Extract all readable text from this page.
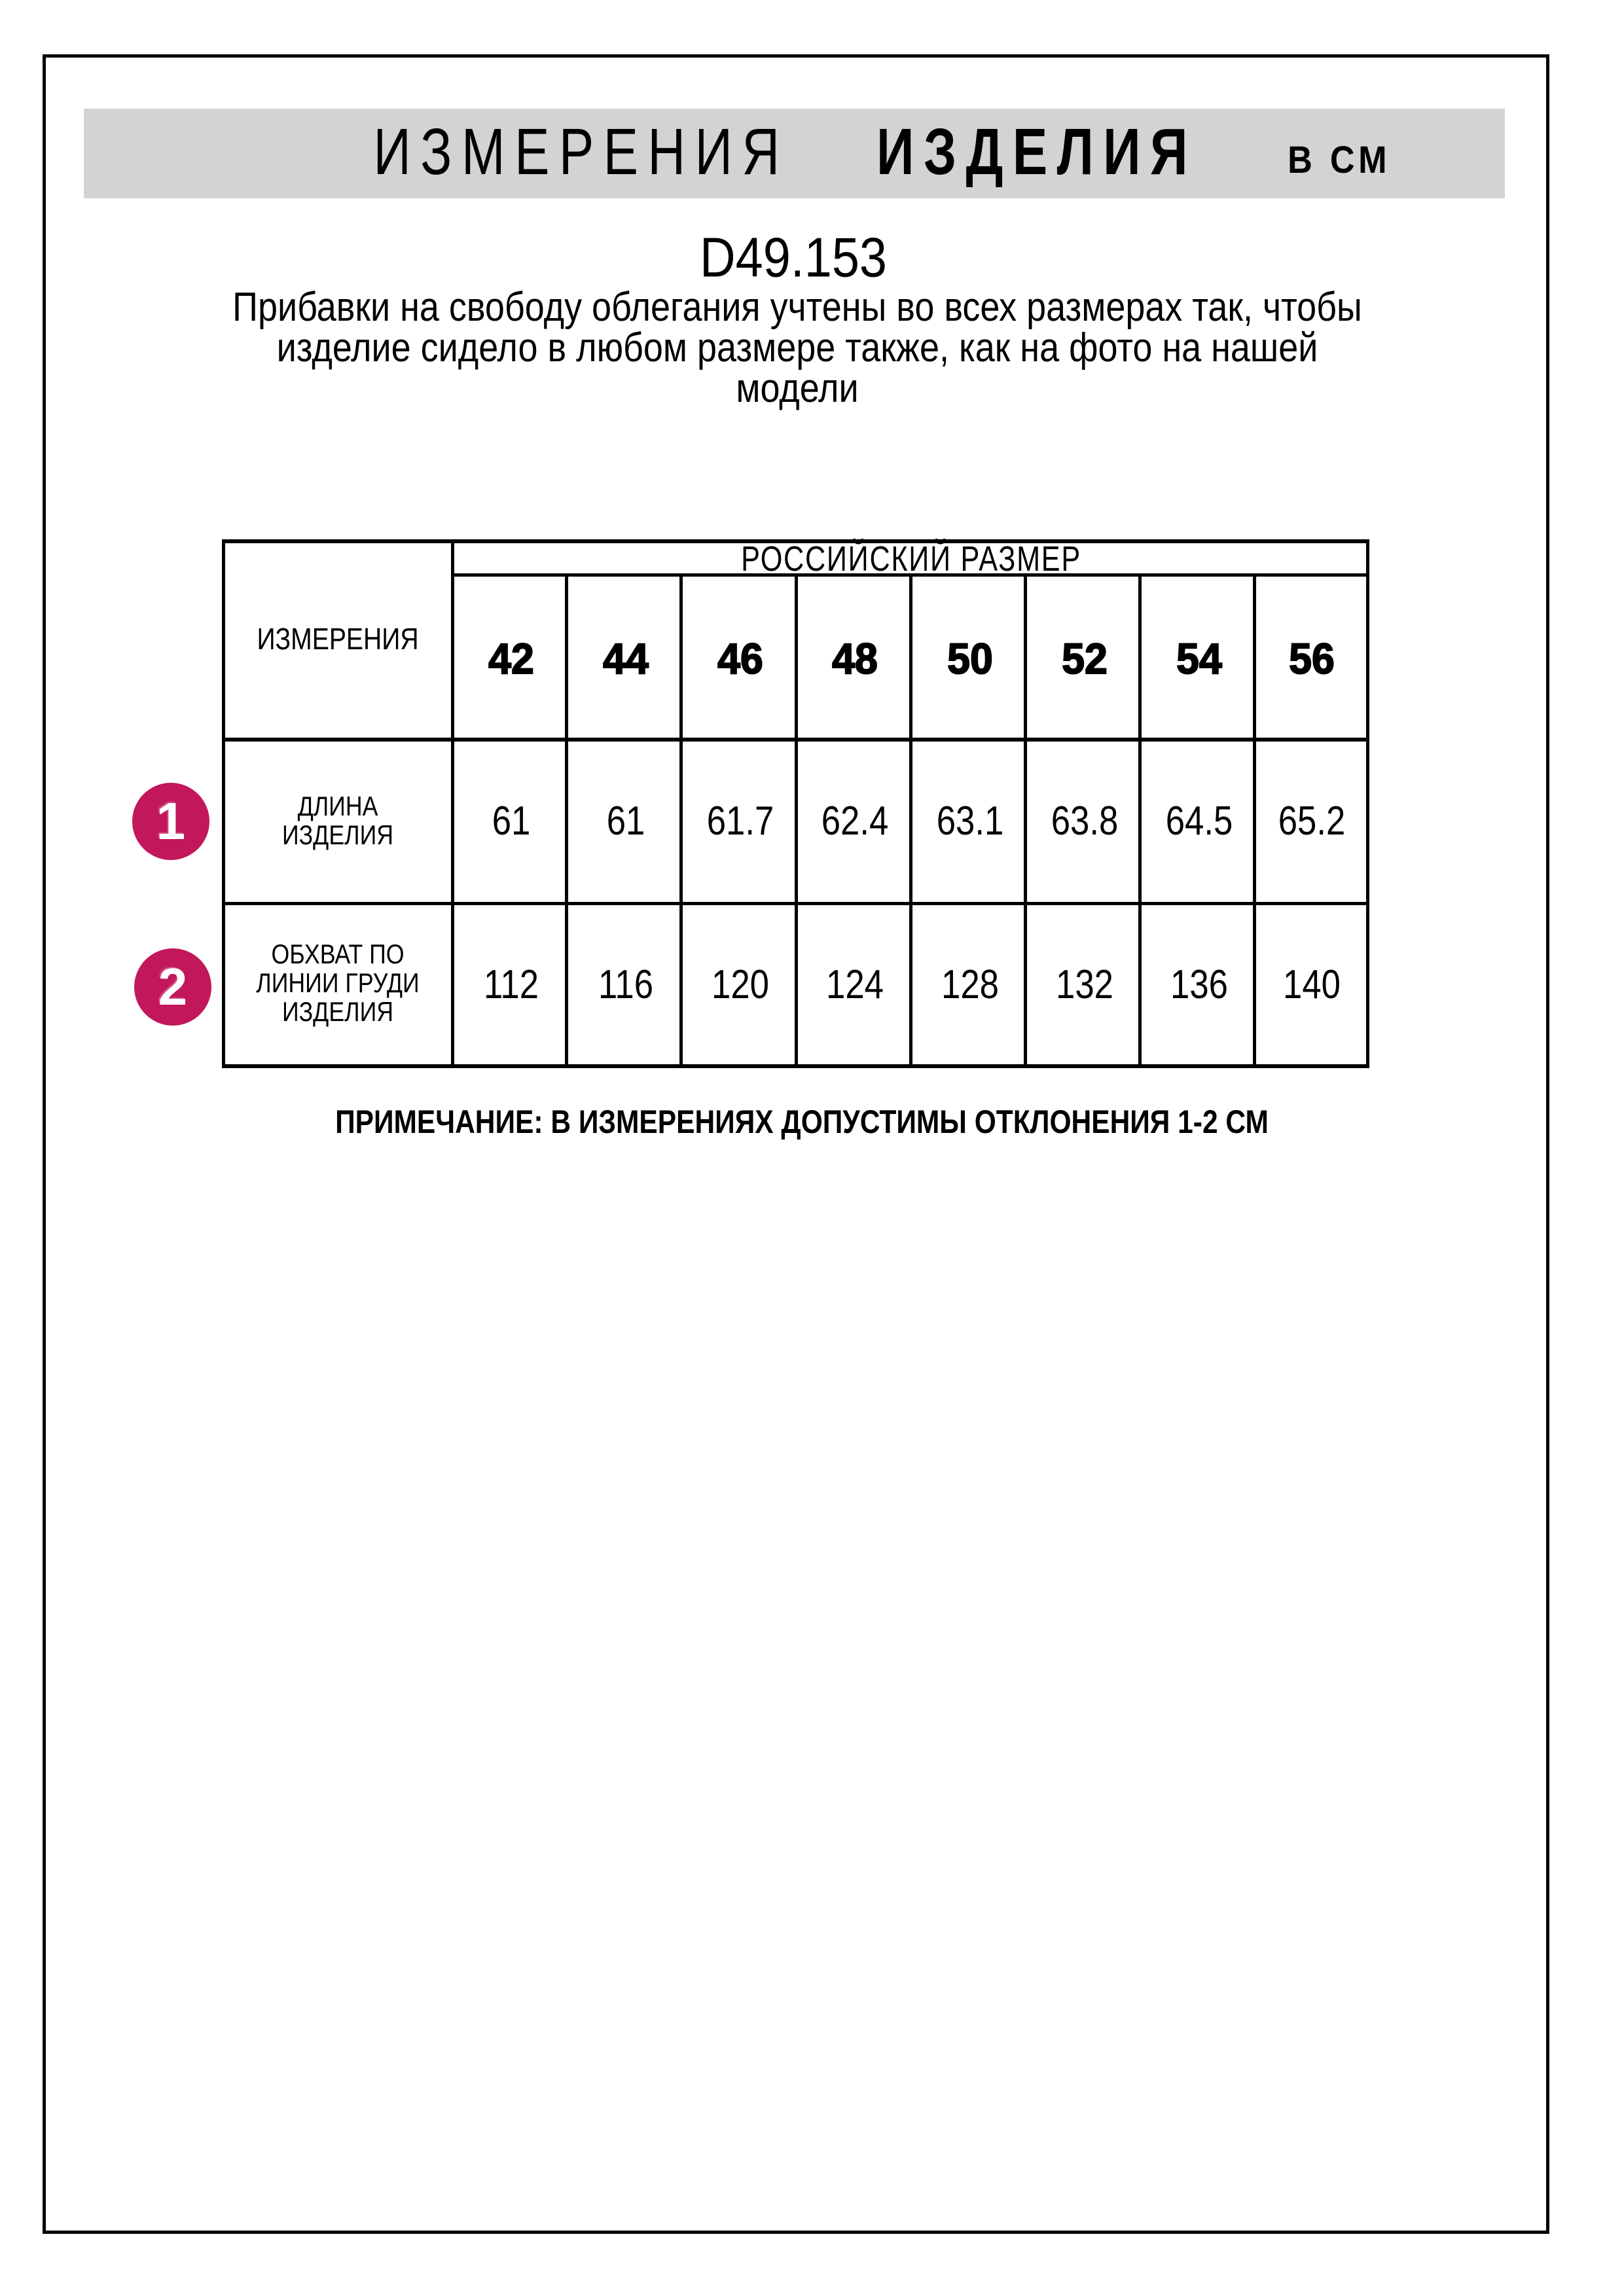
ИЗМЕРЕНИЯ ИЗДЕЛИЯ В СМ
D49.153
Прибавки на свободу облегания учтены во всех размерах так, чтобы
изделие сидело в любом размере также, как на фото на нашей
модели
РОССИЙСКИЙ РАЗМЕР
ИЗМЕРЕНИЯ 42 44 46 48 50 52 54 56
ДЛИНА
ИЗДЕЛИЯ 61 61 61.7 62.4 63.1 63.8 64.5 65.2
ОБХВАТ ПО
ЛИНИИ ГРУДИ
ИЗДЕЛИЯ
112 116 120 124 128 132 136 140
1
2
ПРИМЕЧАНИЕ: В ИЗМЕРЕНИЯХ ДОПУСТИМЫ ОТКЛОНЕНИЯ 1-2 СМ
